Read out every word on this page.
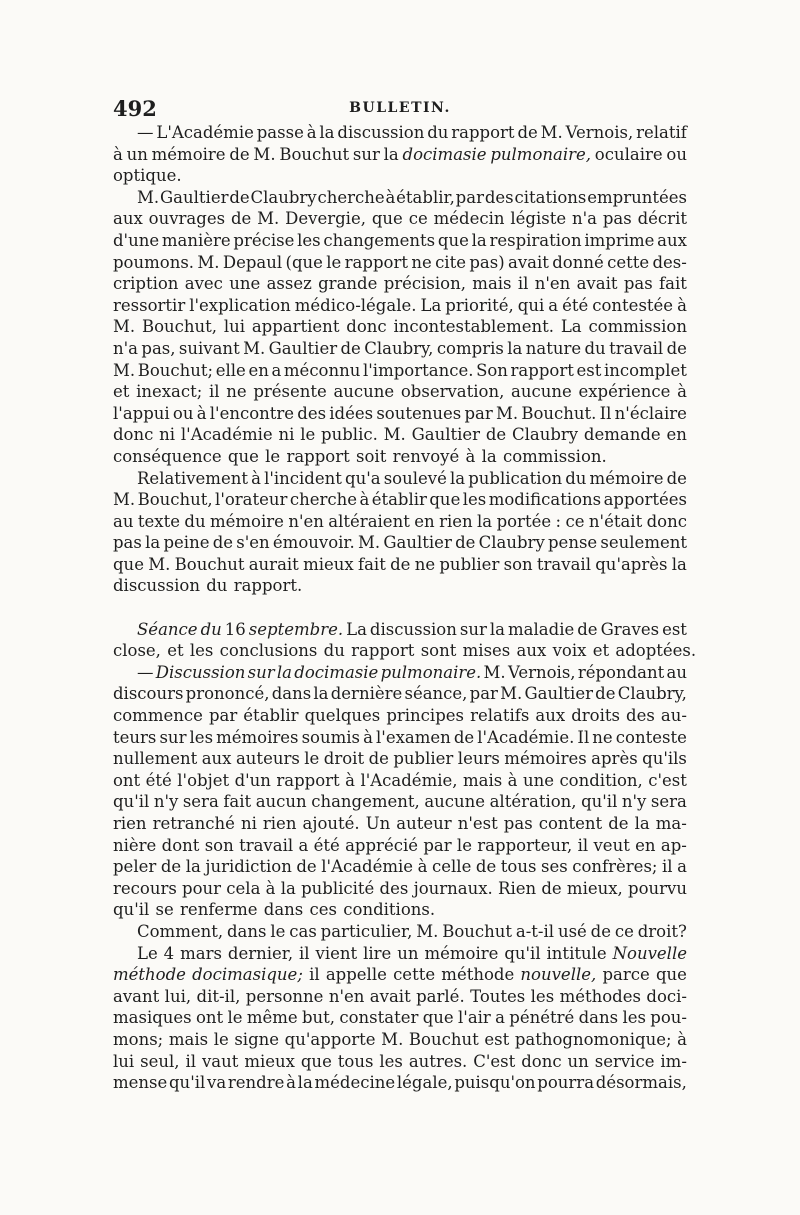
492	BULLETIN.
— L'Académie passe à la discussion du rapport de M. Vernois, relatif
à un mémoire de M. Bouchut sur la docimasie pulmonaire, oculaire ou
optique.
M. Gaultier de Claubry cherche à établir, par des citations empruntées
aux ouvrages de M. Devergie, que ce médecin légiste n'a pas décrit
d'une manière précise les changements que la respiration imprime aux
poumons. M. Depaul (que le rapport ne cite pas) avait donné cette des-
cription avec une assez grande précision, mais il n'en avait pas fait
ressortir l'explication médico-légale. La priorité, qui a été contestée à
M. Bouchut, lui appartient donc incontestablement. La commission
n'a pas, suivant M. Gaultier de Claubry, compris la nature du travail de
M. Bouchut; elle en a méconnu l'importance. Son rapport est incomplet
et inexact; il ne présente aucune observation, aucune expérience à
l'appui ou à l'encontre des idées soutenues par M. Bouchut. Il n'éclaire
donc ni l'Académie ni le public. M. Gaultier de Claubry demande en
conséquence que le rapport soit renvoyé à la commission.
Relativement à l'incident qu'a soulevé la publication du mémoire de
M. Bouchut, l'orateur cherche à établir que les modifications apportées
au texte du mémoire n'en altéraient en rien la portée : ce n'était donc
pas la peine de s'en émouvoir. M. Gaultier de Claubry pense seulement
que M. Bouchut aurait mieux fait de ne publier son travail qu'après la
discussion du rapport.
Séance du 16 septembre. La discussion sur la maladie de Graves est
close, et les conclusions du rapport sont mises aux voix et adoptées.
— Discussion sur la docimasie pulmonaire. M. Vernois, répondant au
discours prononcé, dans la dernière séance, par M. Gaultier de Claubry,
commence par établir quelques principes relatifs aux droits des au-
teurs sur les mémoires soumis à l'examen de l'Académie. Il ne conteste
nullement aux auteurs le droit de publier leurs mémoires après qu'ils
ont été l'objet d'un rapport à l'Académie, mais à une condition, c'est
qu'il n'y sera fait aucun changement, aucune altération, qu'il n'y sera
rien retranché ni rien ajouté. Un auteur n'est pas content de la ma-
nière dont son travail a été apprécié par le rapporteur, il veut en ap-
peler de la juridiction de l'Académie à celle de tous ses confrères; il a
recours pour cela à la publicité des journaux. Rien de mieux, pourvu
qu'il se renferme dans ces conditions.
Comment, dans le cas particulier, M. Bouchut a-t-il usé de ce droit?
Le 4 mars dernier, il vient lire un mémoire qu'il intitule Nouvelle
méthode docimasique; il appelle cette méthode nouvelle, parce que
avant lui, dit-il, personne n'en avait parlé. Toutes les méthodes doci-
masiques ont le même but, constater que l'air a pénétré dans les pou-
mons; mais le signe qu'apporte M. Bouchut est pathognomonique; à
lui seul, il vaut mieux que tous les autres. C'est donc un service im-
mense qu'il va rendre à la médecine légale, puisqu'on pourra désormais,
